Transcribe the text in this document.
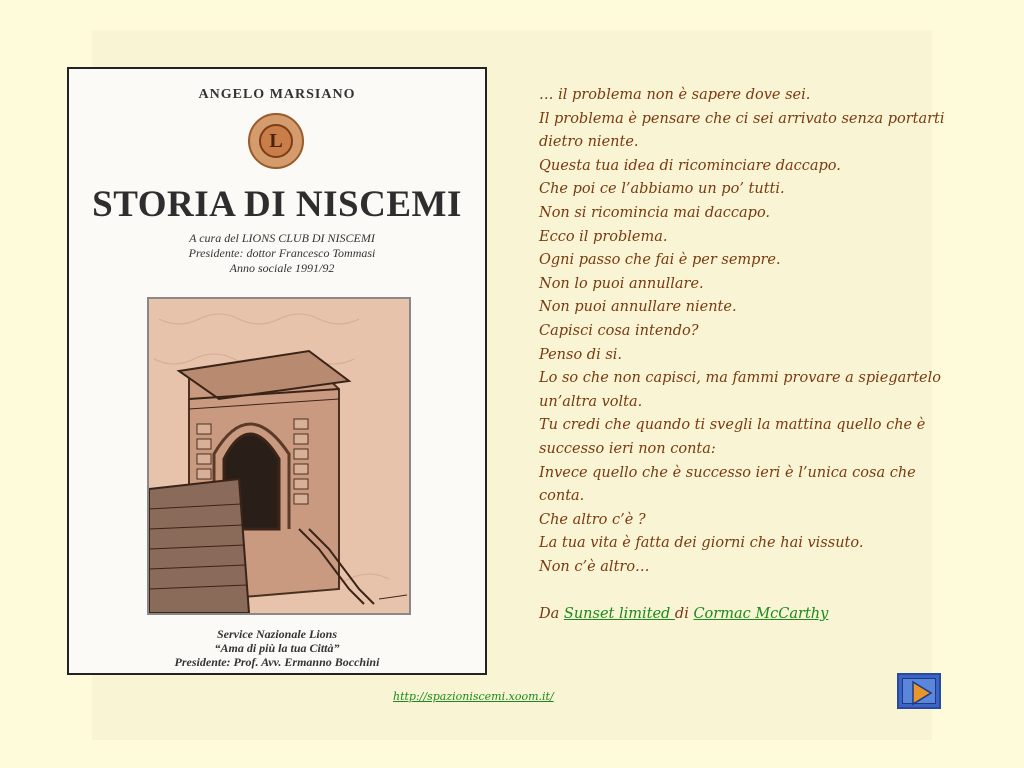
ANGELO MARSIANO
L
STORIA DI NISCEMI
A cura del LIONS CLUB DI NISCEMI
Presidente: dottor Francesco Tommasi
Anno sociale 1991/92
Service Nazionale Lions
“Ama di più la tua Città”
Presidente: Prof. Avv. Ermanno Bocchini
… il problema non è sapere dove sei.
Il problema è pensare che ci sei arrivato senza portarti
dietro niente.
Questa tua idea di ricominciare daccapo.
Che poi ce l’abbiamo un po’ tutti.
Non si ricomincia mai daccapo.
Ecco il problema.
Ogni passo che fai è per sempre.
Non lo puoi annullare.
Non puoi annullare niente.
Capisci cosa intendo?
Penso di si.
Lo so che non capisci, ma fammi provare a spiegartelo
un’altra volta.
Tu credi che quando ti svegli la mattina quello che è
successo ieri non conta:
Invece quello che è successo ieri è l’unica cosa che
conta.
Che altro c’è ?
La tua vita è fatta dei giorni che hai vissuto.
Non c’è altro…
Da Sunset limited di Cormac McCarthy
http://spazioniscemi.xoom.it/
